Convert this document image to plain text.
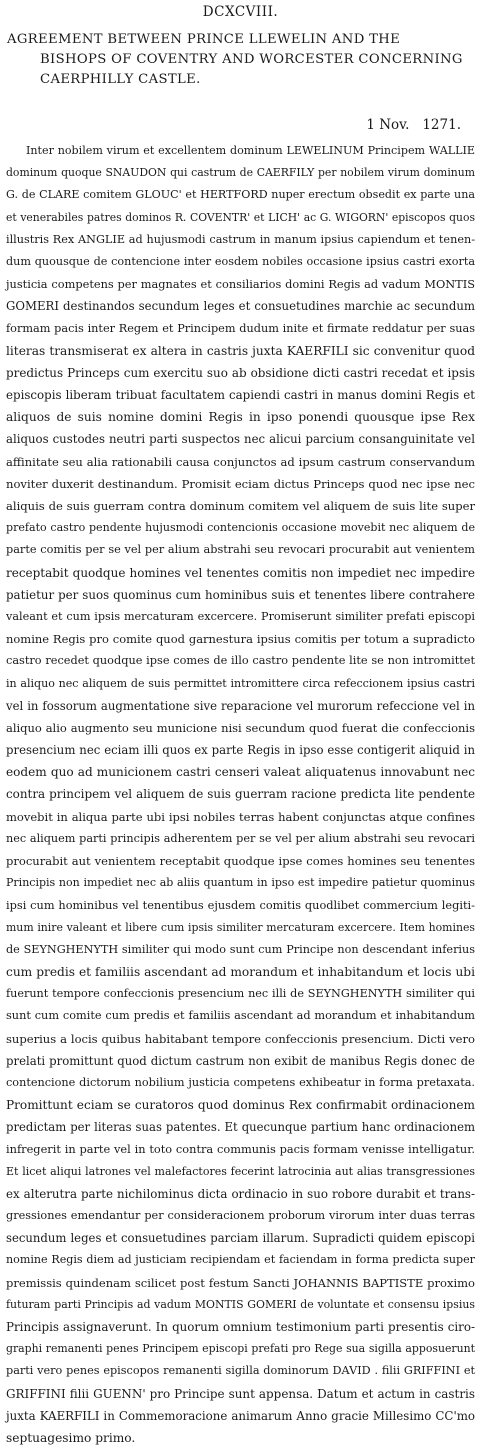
DCXCVIII.
AGREEMENT BETWEEN PRINCE LLEWELIN AND THE
BISHOPS OF COVENTRY AND WORCESTER CONCERNING
CAERPHILLY CASTLE.
1 Nov.   1271.
Inter nobilem virum et excellentem dominum LEWELINUM Principem WALLIE
dominum quoque SNAUDON qui castrum de CAERFILY per nobilem virum dominum
G. de CLARE comitem GLOUC' et HERTFORD nuper erectum obsedit ex parte una
et venerabiles patres dominos R. COVENTR' et LICH' ac G. WIGORN' episcopos quos
illustris Rex ANGLIE ad hujusmodi castrum in manum ipsius capiendum et tenen-
dum quousque de contencione inter eosdem nobiles occasione ipsius castri exorta
justicia competens per magnates et consiliarios domini Regis ad vadum MONTIS
GOMERI destinandos secundum leges et consuetudines marchie ac secundum
formam pacis inter Regem et Principem dudum inite et firmate reddatur per suas
literas transmiserat ex altera in castris juxta KAERFILI sic convenitur quod
predictus Princeps cum exercitu suo ab obsidione dicti castri recedat et ipsis
episcopis liberam tribuat facultatem capiendi castri in manus domini Regis et
aliquos de suis nomine domini Regis in ipso ponendi quousque ipse Rex
aliquos custodes neutri parti suspectos nec alicui parcium consanguinitate vel
affinitate seu alia rationabili causa conjunctos ad ipsum castrum conservandum
noviter duxerit destinandum. Promisit eciam dictus Princeps quod nec ipse nec
aliquis de suis guerram contra dominum comitem vel aliquem de suis lite super
prefato castro pendente hujusmodi contencionis occasione movebit nec aliquem de
parte comitis per se vel per alium abstrahi seu revocari procurabit aut venientem
receptabit quodque homines vel tenentes comitis non impediet nec impedire
patietur per suos quominus cum hominibus suis et tenentes libere contrahere
valeant et cum ipsis mercaturam excercere. Promiserunt similiter prefati episcopi
nomine Regis pro comite quod garnestura ipsius comitis per totum a supradicto
castro recedet quodque ipse comes de illo castro pendente lite se non intromittet
in aliquo nec aliquem de suis permittet intromittere circa refeccionem ipsius castri
vel in fossorum augmentatione sive reparacione vel murorum refeccione vel in
aliquo alio augmento seu municione nisi secundum quod fuerat die confeccionis
presencium nec eciam illi quos ex parte Regis in ipso esse contigerit aliquid in
eodem quo ad municionem castri censeri valeat aliquatenus innovabunt nec
contra principem vel aliquem de suis guerram racione predicta lite pendente
movebit in aliqua parte ubi ipsi nobiles terras habent conjunctas atque confines
nec aliquem parti principis adherentem per se vel per alium abstrahi seu revocari
procurabit aut venientem receptabit quodque ipse comes homines seu tenentes
Principis non impediet nec ab aliis quantum in ipso est impedire patietur quominus
ipsi cum hominibus vel tenentibus ejusdem comitis quodlibet commercium legiti-
mum inire valeant et libere cum ipsis similiter mercaturam excercere. Item homines
de SEYNGHENYTH similiter qui modo sunt cum Principe non descendant inferius
cum predis et familiis ascendant ad morandum et inhabitandum et locis ubi
fuerunt tempore confeccionis presencium nec illi de SEYNGHENYTH similiter qui
sunt cum comite cum predis et familiis ascendant ad morandum et inhabitandum
superius a locis quibus habitabant tempore confeccionis presencium. Dicti vero
prelati promittunt quod dictum castrum non exibit de manibus Regis donec de
contencione dictorum nobilium justicia competens exhibeatur in forma pretaxata.
Promittunt eciam se curatoros quod dominus Rex confirmabit ordinacionem
predictam per literas suas patentes. Et quecunque partium hanc ordinacionem
infregerit in parte vel in toto contra communis pacis formam venisse intelligatur.
Et licet aliqui latrones vel malefactores fecerint latrocinia aut alias transgressiones
ex alterutra parte nichilominus dicta ordinacio in suo robore durabit et trans-
gressiones emendantur per consideracionem proborum virorum inter duas terras
secundum leges et consuetudines parciam illarum. Supradicti quidem episcopi
nomine Regis diem ad justiciam recipiendam et faciendam in forma predicta super
premissis quindenam scilicet post festum Sancti JOHANNIS BAPTISTE proximo
futuram parti Principis ad vadum MONTIS GOMERI de voluntate et consensu ipsius
Principis assignaverunt. In quorum omnium testimonium parti presentis ciro-
graphi remanenti penes Principem episcopi prefati pro Rege sua sigilla apposuerunt
parti vero penes episcopos remanenti sigilla dominorum DAVID . filii GRIFFINI et
GRIFFINI filii GUENN' pro Principe sunt appensa. Datum et actum in castris
juxta KAERFILI in Commemoracione animarum Anno gracie Millesimo CC'mo
septuagesimo primo.
